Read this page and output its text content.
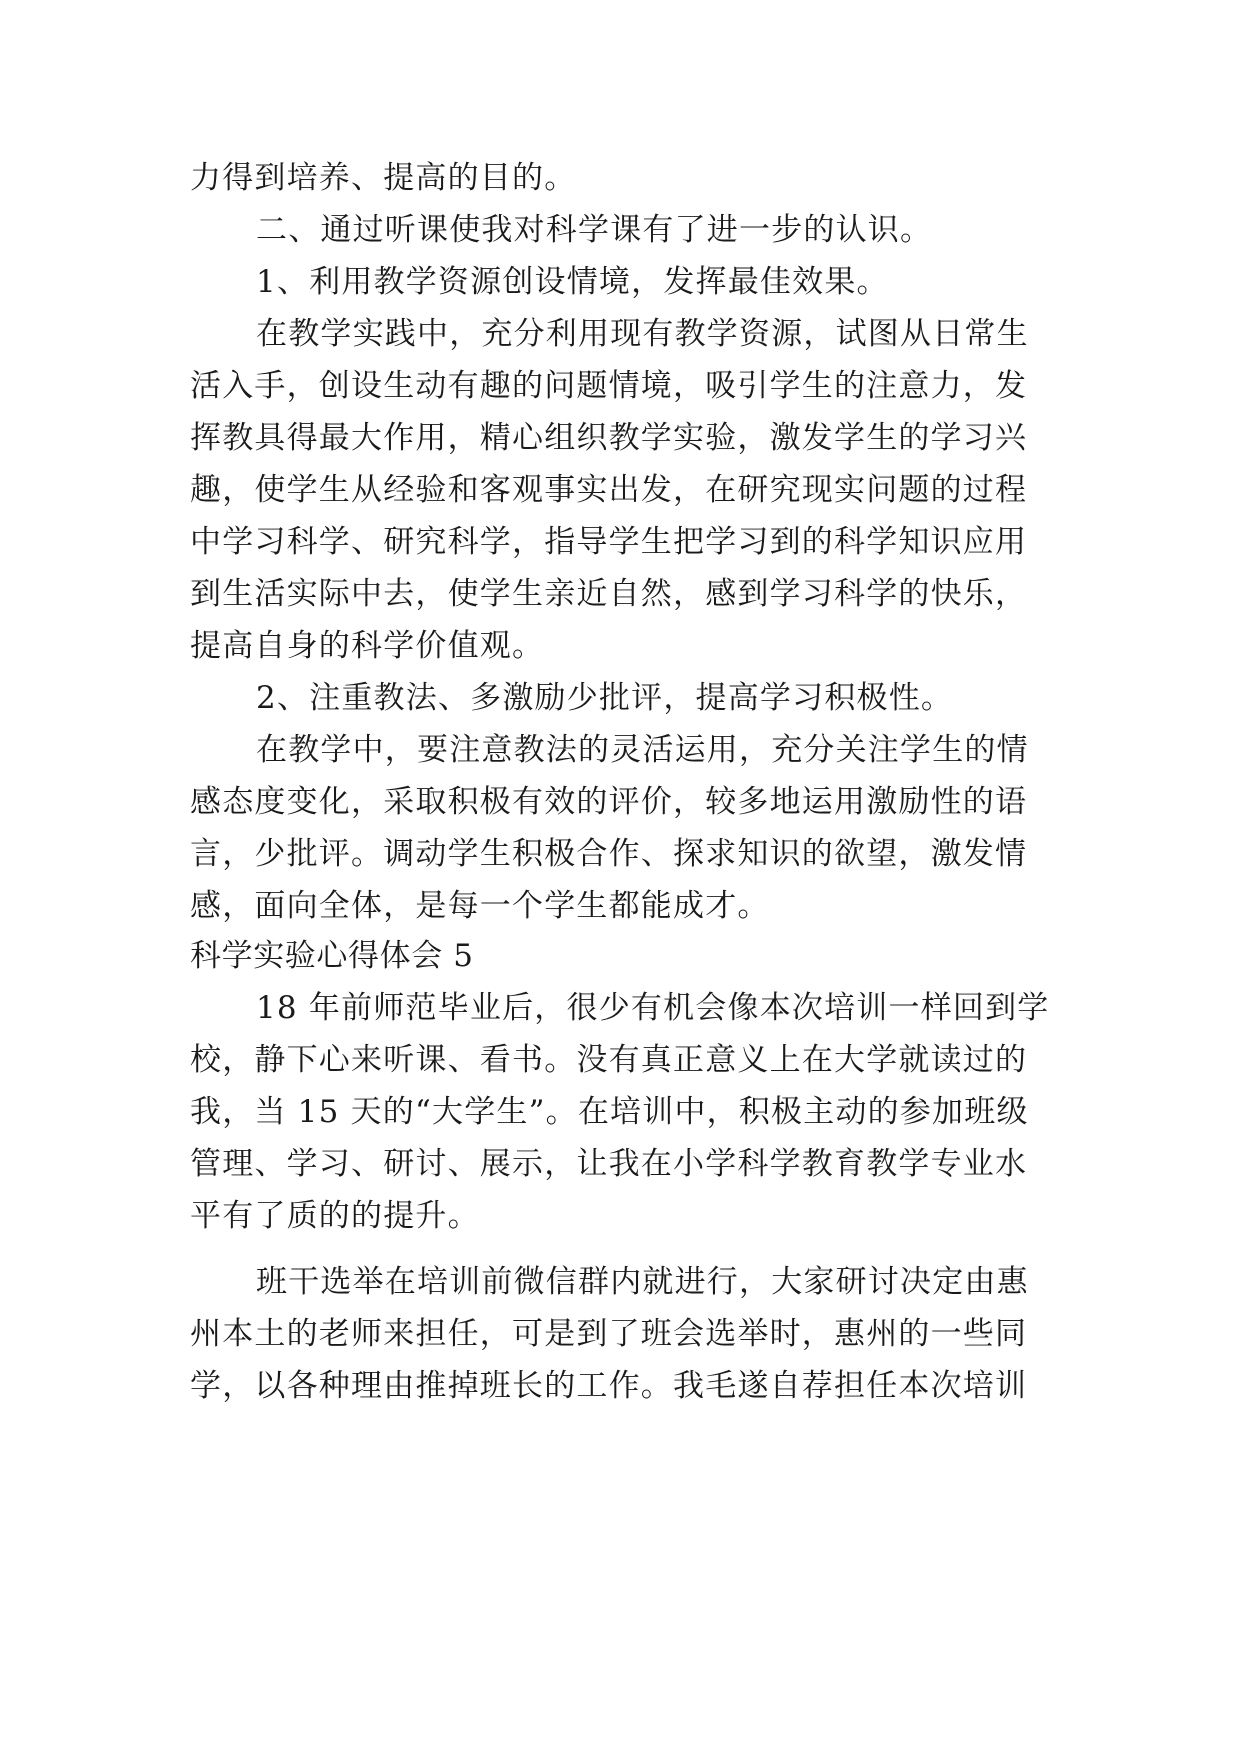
力得到培养、提高的目的。
二、通过听课使我对科学课有了进一步的认识。
1、利用教学资源创设情境，发挥最佳效果。
在教学实践中，充分利用现有教学资源，试图从日常生
活入手，创设生动有趣的问题情境，吸引学生的注意力，发
挥教具得最大作用，精心组织教学实验，激发学生的学习兴
趣，使学生从经验和客观事实出发，在研究现实问题的过程
中学习科学、研究科学，指导学生把学习到的科学知识应用
到生活实际中去，使学生亲近自然，感到学习科学的快乐，
提高自身的科学价值观。
2、注重教法、多激励少批评，提高学习积极性。
在教学中，要注意教法的灵活运用，充分关注学生的情
感态度变化，采取积极有效的评价，较多地运用激励性的语
言，少批评。调动学生积极合作、探求知识的欲望，激发情
感，面向全体，是每一个学生都能成才。
科学实验心得体会 5
18 年前师范毕业后，很少有机会像本次培训一样回到学
校，静下心来听课、看书。没有真正意义上在大学就读过的
我，当 15 天的“大学生”。在培训中，积极主动的参加班级
管理、学习、研讨、展示，让我在小学科学教育教学专业水
平有了质的的提升。
班干选举在培训前微信群内就进行，大家研讨决定由惠
州本土的老师来担任，可是到了班会选举时，惠州的一些同
学，以各种理由推掉班长的工作。我毛遂自荐担任本次培训
